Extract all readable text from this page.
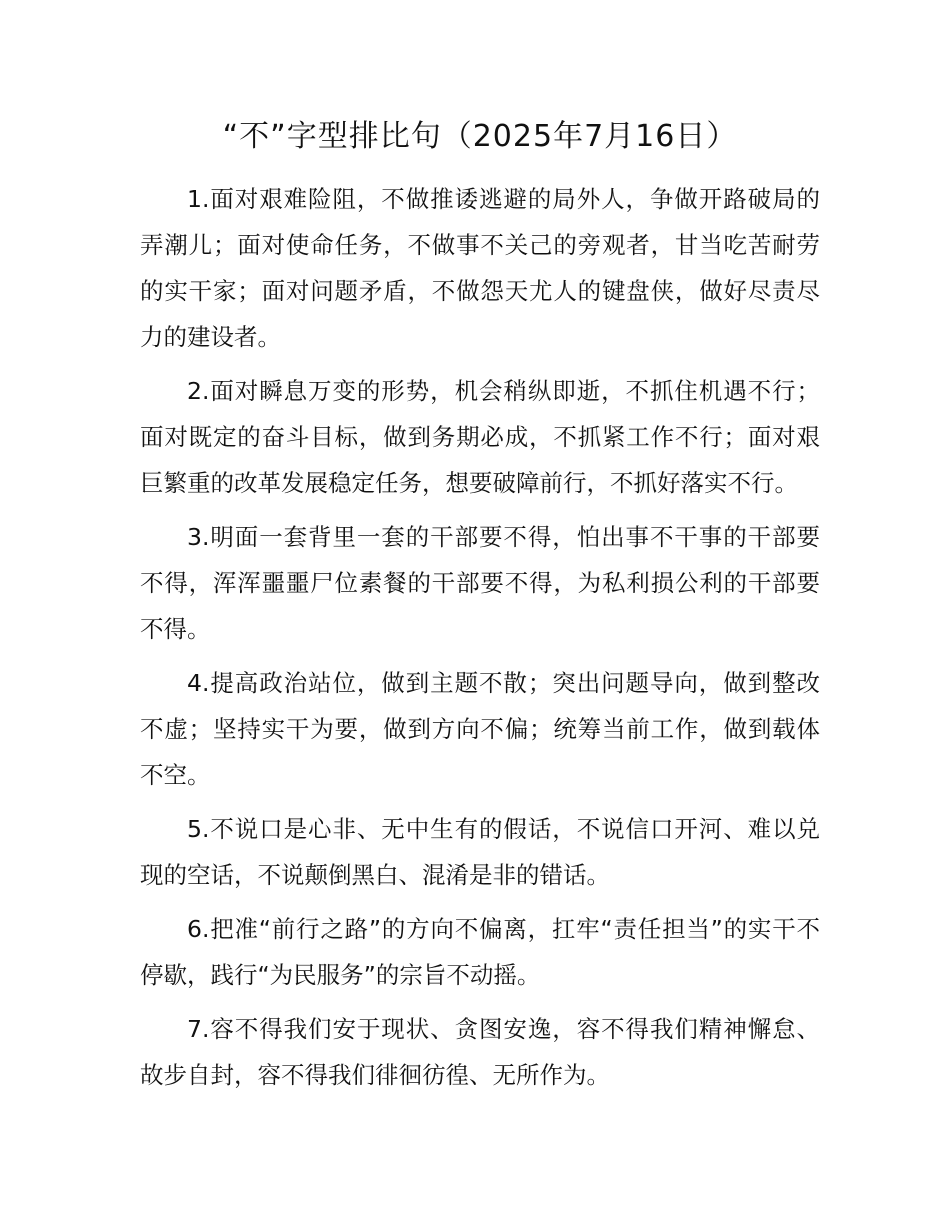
“不”字型排比句（2025年7月16日）

1.面对艰难险阻，不做推诿逃避的局外人，争做开路破局的弄潮儿；面对使命任务，不做事不关己的旁观者，甘当吃苦耐劳的实干家；面对问题矛盾，不做怨天尤人的键盘侠，做好尽责尽力的建设者。

2.面对瞬息万变的形势，机会稍纵即逝，不抓住机遇不行；面对既定的奋斗目标，做到务期必成，不抓紧工作不行；面对艰巨繁重的改革发展稳定任务，想要破障前行，不抓好落实不行。

3.明面一套背里一套的干部要不得，怕出事不干事的干部要不得，浑浑噩噩尸位素餐的干部要不得，为私利损公利的干部要不得。

4.提高政治站位，做到主题不散；突出问题导向，做到整改不虚；坚持实干为要，做到方向不偏；统筹当前工作，做到载体不空。

5.不说口是心非、无中生有的假话，不说信口开河、难以兑现的空话，不说颠倒黑白、混淆是非的错话。

6.把准“前行之路”的方向不偏离，扛牢“责任担当”的实干不停歇，践行“为民服务”的宗旨不动摇。

7.容不得我们安于现状、贪图安逸，容不得我们精神懈怠、故步自封，容不得我们徘徊彷徨、无所作为。
